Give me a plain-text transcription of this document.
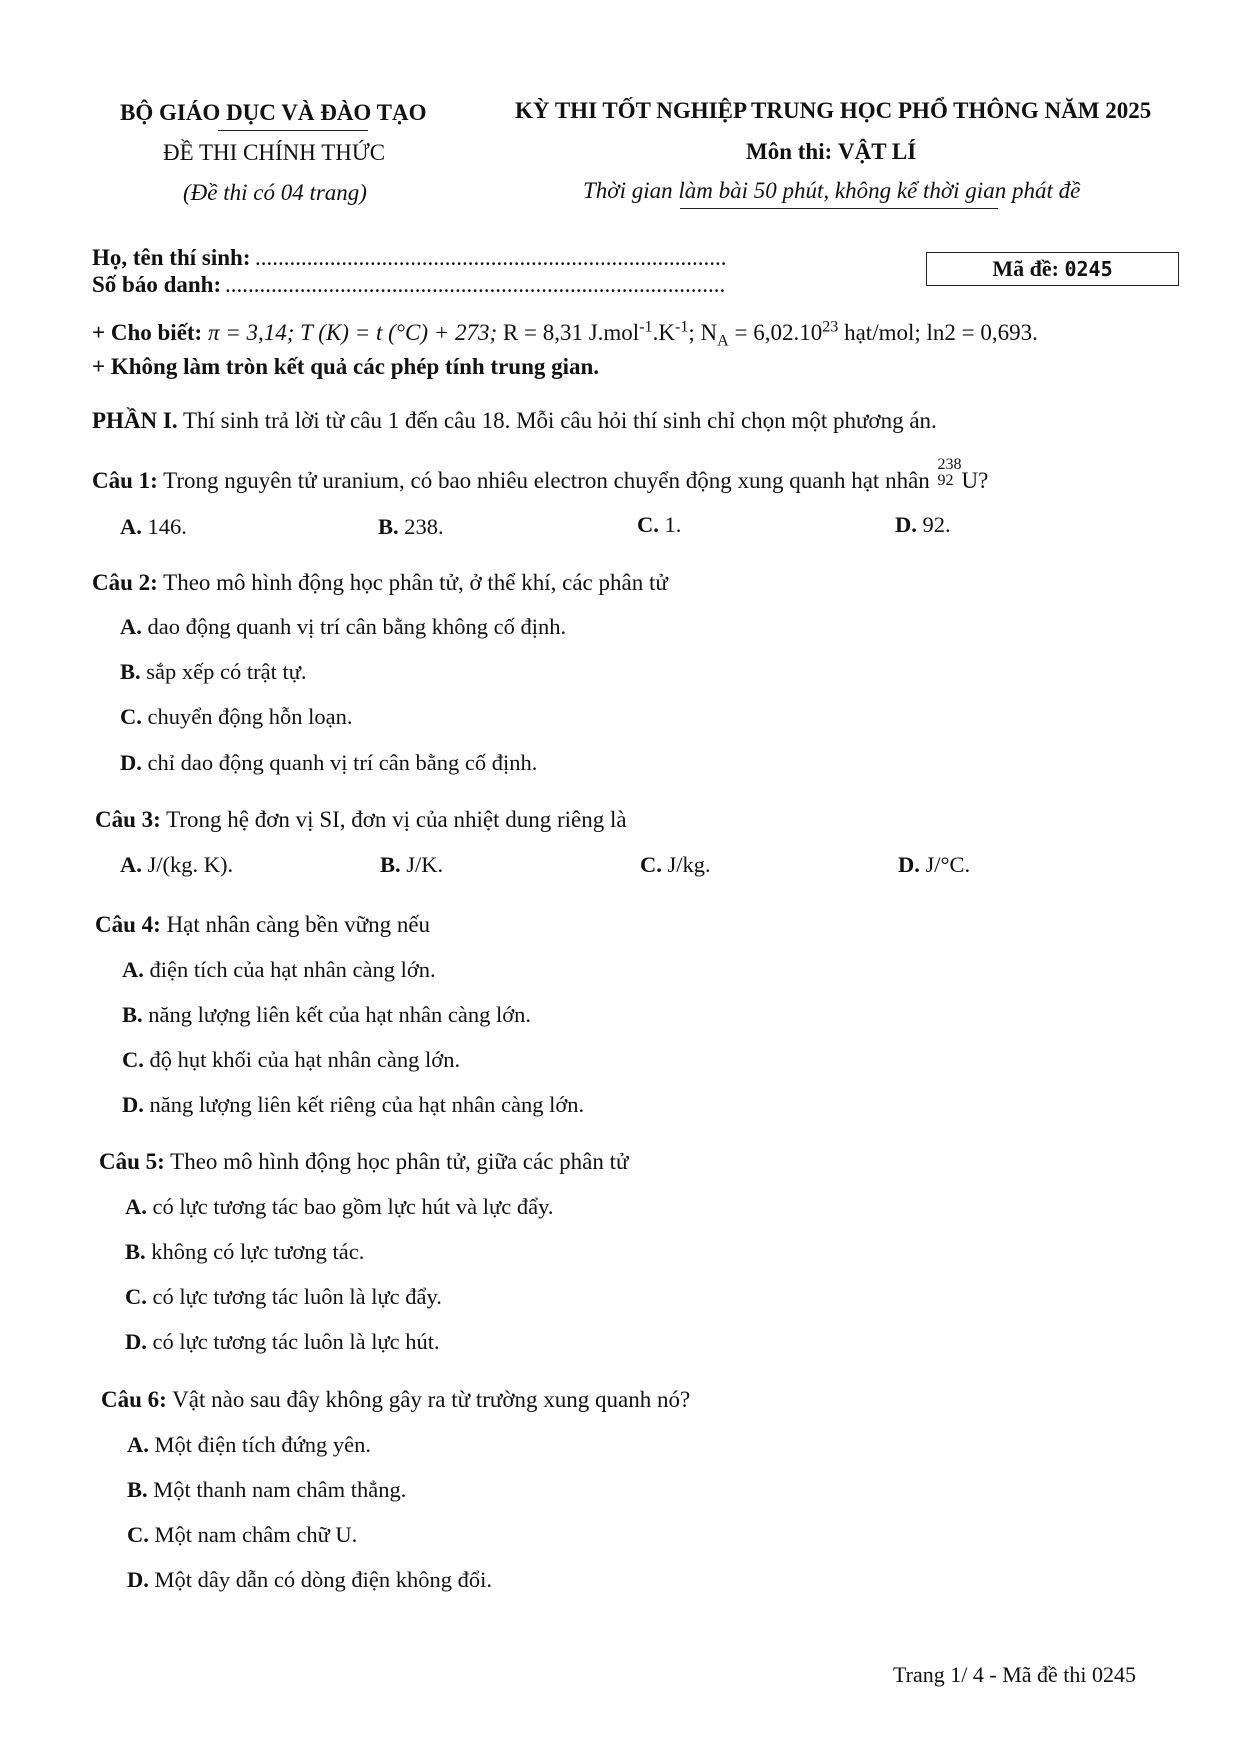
BỘ GIÁO DỤC VÀ ĐÀO TẠO
ĐỀ THI CHÍNH THỨC
(Đề thi có 04 trang)
KỲ THI TỐT NGHIỆP TRUNG HỌC PHỔ THÔNG NĂM 2025
Môn thi: VẬT LÍ
Thời gian làm bài 50 phút, không kể thời gian phát đề
Họ, tên thí sinh: ..................................................................................
Số báo danh: .......................................................................................
Mã đề: 0245
+ Cho biết: π = 3,14; T (K) = t (°C) + 273; R = 8,31 $J.mol^{-1}.K^{-1}$; $N_A = 6,02.10^{23}$ hạt/mol; ln2 = 0,693.
+ Không làm tròn kết quả các phép tính trung gian.
PHẦN I. Thí sinh trả lời từ câu 1 đến câu 18. Mỗi câu hỏi thí sinh chỉ chọn một phương án.
Câu 1: Trong nguyên tử uranium, có bao nhiêu electron chuyển động xung quanh hạt nhân
238
92 U?
A. 146.	B. 238.	C. 1.	D. 92.
Câu 2: Theo mô hình động học phân tử, ở thể khí, các phân tử
A. dao động quanh vị trí cân bằng không cố định.
B. sắp xếp có trật tự.
C. chuyển động hỗn loạn.
D. chỉ dao động quanh vị trí cân bằng cố định.
Câu 3: Trong hệ đơn vị SI, đơn vị của nhiệt dung riêng là
A. J/(kg. K).	B. J/K.	C. J/kg.	D. J/°C.
Câu 4: Hạt nhân càng bền vững nếu
A. điện tích của hạt nhân càng lớn.
B. năng lượng liên kết của hạt nhân càng lớn.
C. độ hụt khối của hạt nhân càng lớn.
D. năng lượng liên kết riêng của hạt nhân càng lớn.
Câu 5: Theo mô hình động học phân tử, giữa các phân tử
A. có lực tương tác bao gồm lực hút và lực đẩy.
B. không có lực tương tác.
C. có lực tương tác luôn là lực đẩy.
D. có lực tương tác luôn là lực hút.
Câu 6: Vật nào sau đây không gây ra từ trường xung quanh nó?
A. Một điện tích đứng yên.
B. Một thanh nam châm thẳng.
C. Một nam châm chữ U.
D. Một dây dẫn có dòng điện không đổi.
Trang 1/ 4 - Mã đề thi 0245
